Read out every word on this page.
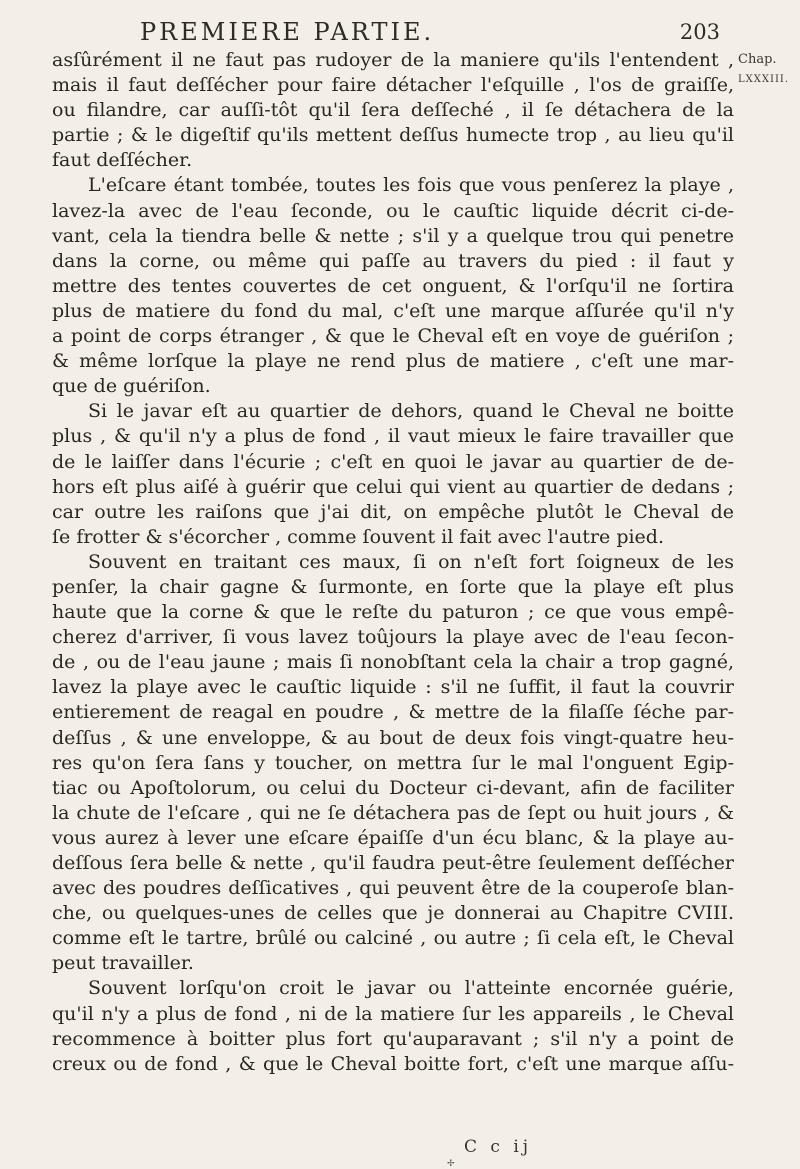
PREMIERE PARTIE.	203
Chap.
LXXXIII.
asſûrément il ne faut pas rudoyer de la maniere qu'ils l'entendent ,
mais il faut deſſécher pour faire détacher l'eſquille , l'os de graiſſe,
ou filandre, car auſſi-tôt qu'il ſera deſſeché , il ſe détachera de la
partie ; & le digeſtif qu'ils mettent deſſus humecte trop , au lieu qu'il
faut deſſécher.
L'eſcare étant tombée, toutes les fois que vous penſerez la playe ,
lavez-la avec de l'eau ſeconde, ou le cauſtic liquide décrit ci-de-
vant, cela la tiendra belle & nette ; s'il y a quelque trou qui penetre
dans la corne, ou même qui paſſe au travers du pied : il faut y
mettre des tentes couvertes de cet onguent, & l'orſqu'il ne ſortira
plus de matiere du fond du mal, c'eſt une marque aſſurée qu'il n'y
a point de corps étranger , & que le Cheval eſt en voye de guériſon ;
& même lorſque la playe ne rend plus de matiere , c'eſt une mar-
que de guériſon.
Si le javar eſt au quartier de dehors, quand le Cheval ne boitte
plus , & qu'il n'y a plus de fond , il vaut mieux le faire travailler que
de le laiſſer dans l'écurie ; c'eſt en quoi le javar au quartier de de-
hors eſt plus aiſé à guérir que celui qui vient au quartier de dedans ;
car outre les raiſons que j'ai dit, on empêche plutôt le Cheval de
ſe frotter & s'écorcher , comme ſouvent il fait avec l'autre pied.
Souvent en traitant ces maux, ſi on n'eſt fort ſoigneux de les
penſer, la chair gagne & ſurmonte, en ſorte que la playe eſt plus
haute que la corne & que le reſte du paturon ; ce que vous empê-
cherez d'arriver, ſi vous lavez toûjours la playe avec de l'eau ſecon-
de , ou de l'eau jaune ; mais ſi nonobſtant cela la chair a trop gagné,
lavez la playe avec le cauſtic liquide : s'il ne ſuffit, il faut la couvrir
entierement de reagal en poudre , & mettre de la filaſſe ſéche par-
deſſus , & une enveloppe, & au bout de deux fois vingt-quatre heu-
res qu'on ſera ſans y toucher, on mettra ſur le mal l'onguent Egip-
tiac ou Apoſtolorum, ou celui du Docteur ci-devant, afin de faciliter
la chute de l'eſcare , qui ne ſe détachera pas de ſept ou huit jours , &
vous aurez à lever une eſcare épaiſſe d'un écu blanc, & la playe au-
deſſous ſera belle & nette , qu'il faudra peut-être ſeulement deſſécher
avec des poudres deſſicatives , qui peuvent être de la couperoſe blan-
che, ou quelques-unes de celles que je donnerai au Chapitre CVIII.
comme eſt le tartre, brûlé ou calciné , ou autre ; ſi cela eſt, le Cheval
peut travailler.
Souvent lorſqu'on croit le javar ou l'atteinte encornée guérie,
qu'il n'y a plus de fond , ni de la matiere ſur les appareils , le Cheval
recommence à boitter plus fort qu'auparavant ; s'il n'y a point de
creux ou de fond , & que le Cheval boitte fort, c'eſt une marque aſſu-
C c ij
✢
